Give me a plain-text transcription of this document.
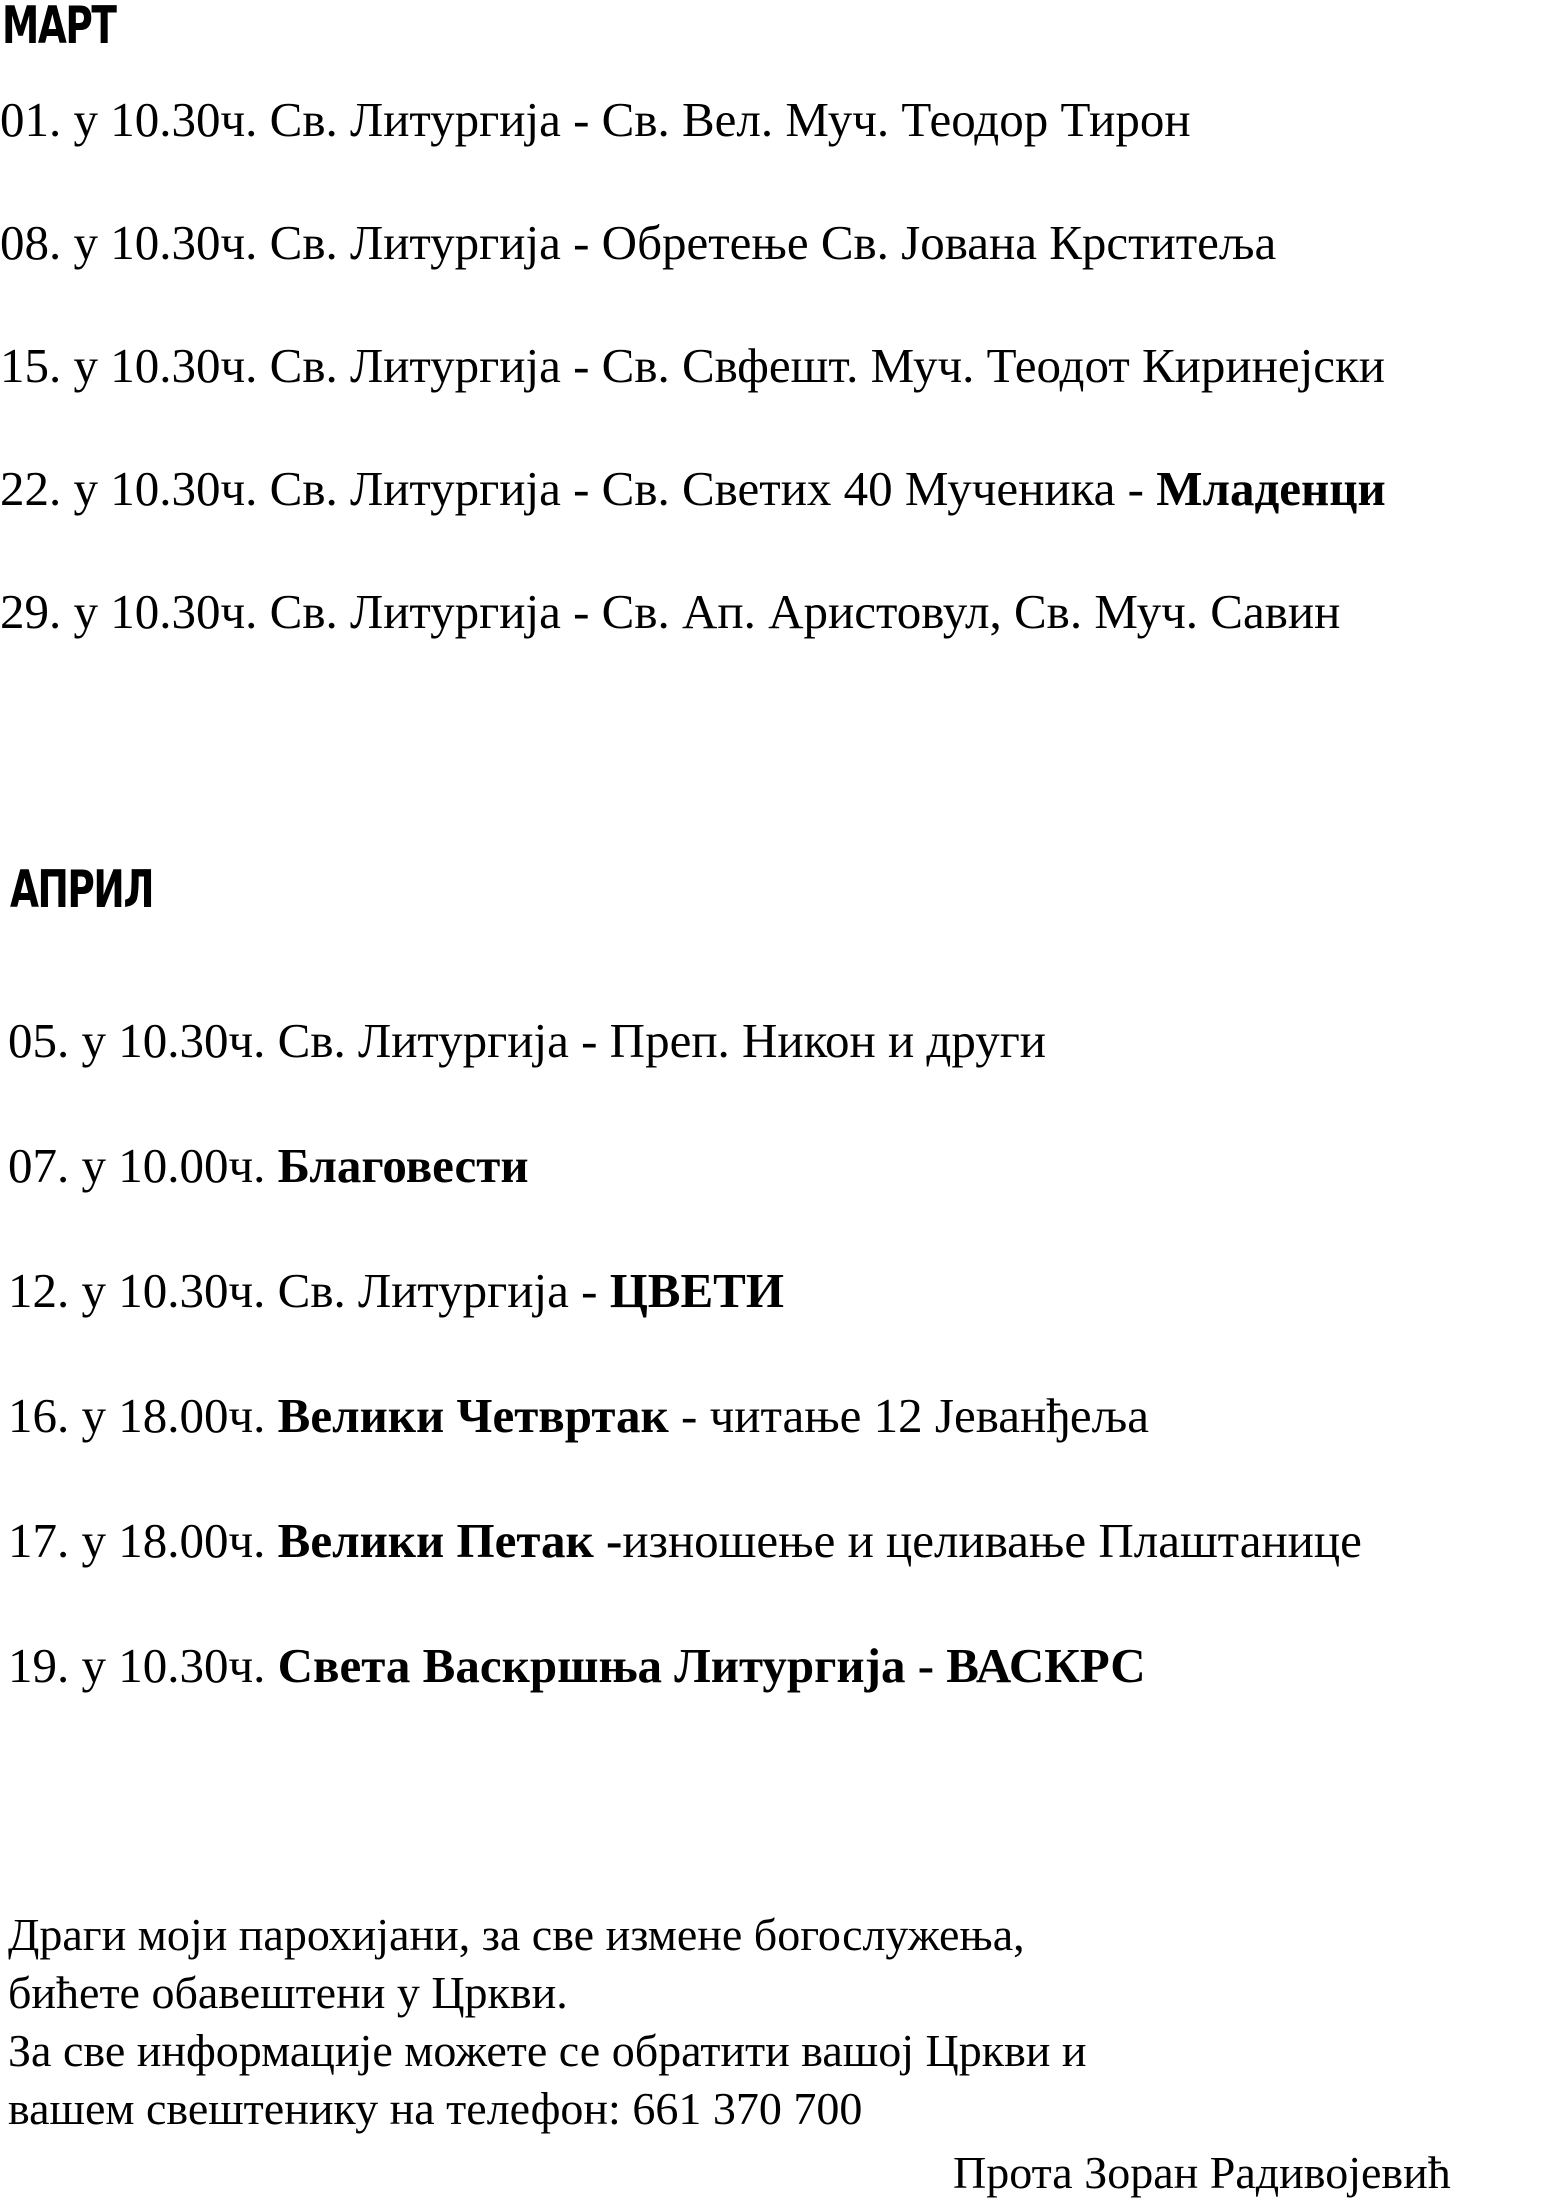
МАРТ
01. у 10.30ч. Св. Литургија - Св. Вел. Муч. Теодор Тирон
08. у 10.30ч. Св. Литургија - Обретење Св. Јована Крститеља
15. у 10.30ч. Св. Литургија - Св. Свфешт. Муч. Теодот Киринејски
22. у 10.30ч. Св. Литургија - Св. Светих 40 Мученика - Младенци
29. у 10.30ч. Св. Литургија - Св. Ап. Аристовул, Св. Муч. Савин
АПРИЛ
05. у 10.30ч. Св. Литургија - Преп. Никон и други
07. у 10.00ч. Благовести
12. у 10.30ч. Св. Литургија - ЦВЕТИ
16. у 18.00ч. Велики Четвртак - читање 12 Јеванђеља
17. у 18.00ч. Велики Петак -изношење и целивање Плаштанице
19. у 10.30ч. Света Васкршња Литургија - ВАСКРС
Драги моји парохијани, за све измене богослужења,
бићете обавештени у Цркви.
За све информације можете се обратити вашој Цркви и
вашем свештенику на телефон: 661 370 700
Прота Зоран Радивојевић
